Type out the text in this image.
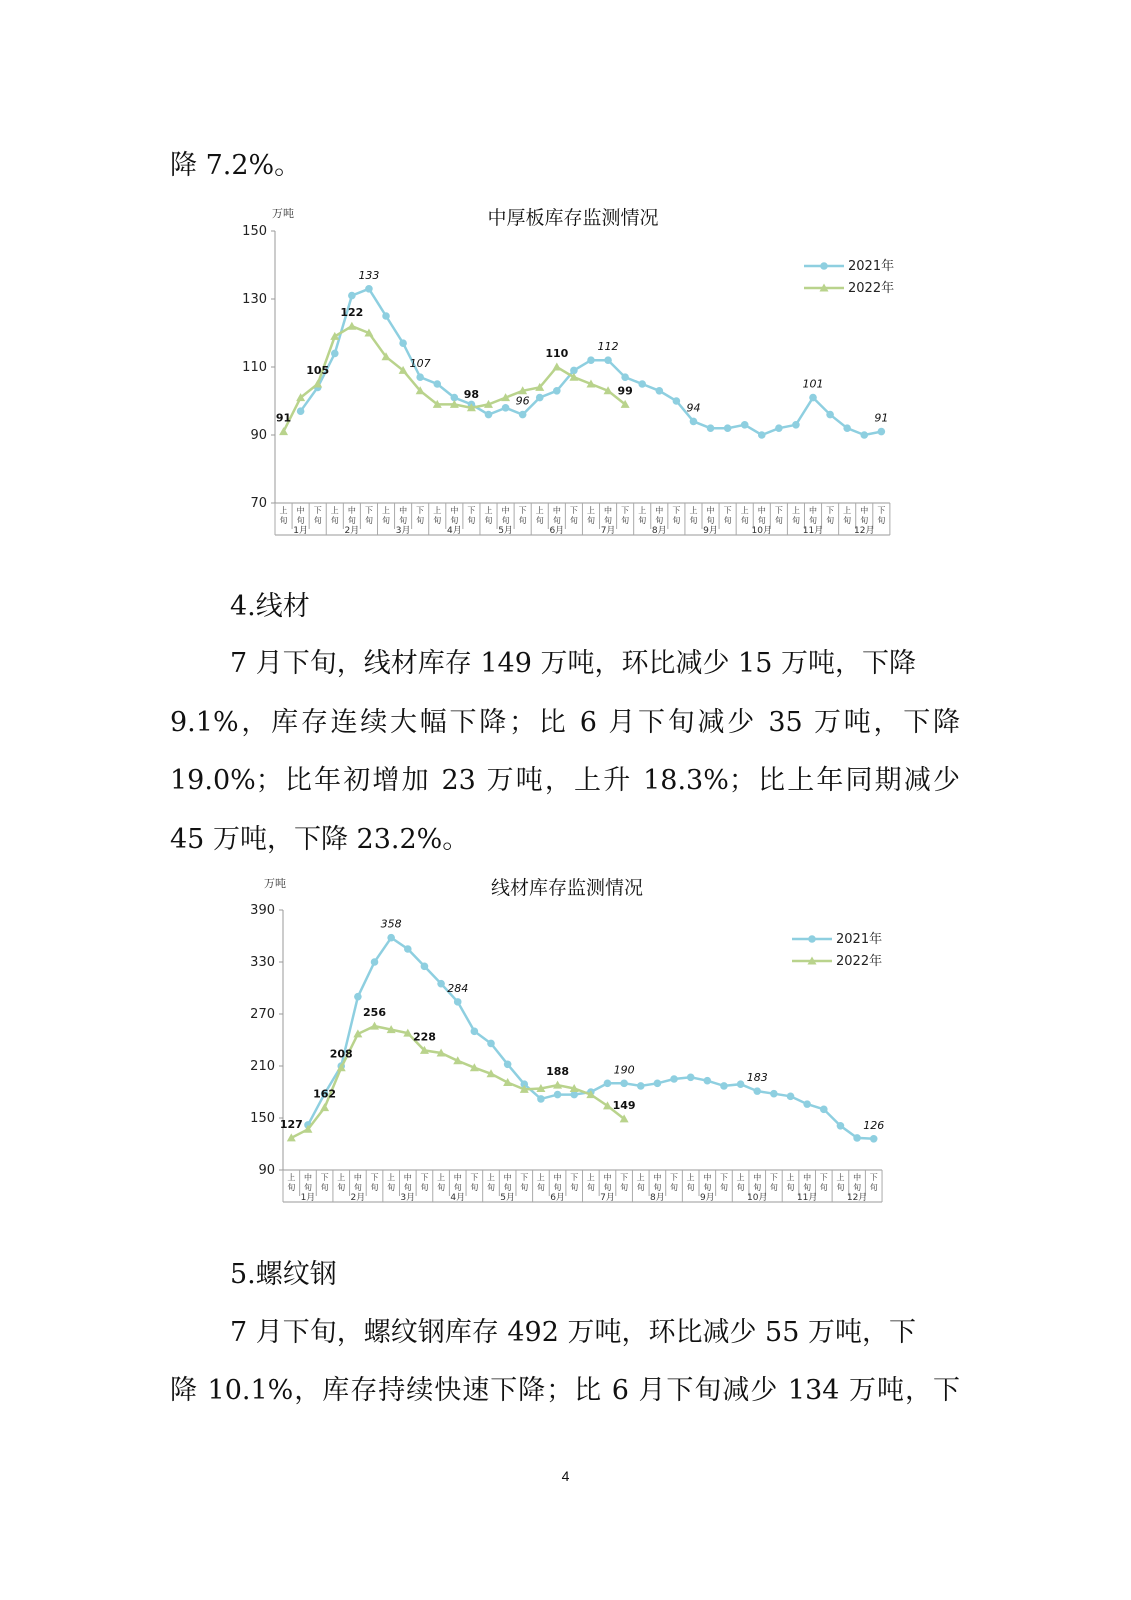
降 7.2%。

中厚板库存监测情况
万吨
70
90
110
130
150
上旬
中旬
下旬
上旬
中旬
下旬
上旬
中旬
下旬
上旬
中旬
下旬
上旬
中旬
下旬
上旬
中旬
下旬
上旬
中旬
下旬
上旬
中旬
下旬
上旬
中旬
下旬
上旬
中旬
下旬
上旬
中旬
下旬
上旬
中旬
下旬
1月	2月	3月	4月	5月	6月	7月	8月	9月	10月	11月	12月
91
105
122
98
110
99
133
107
96
112
94
101
91
2021年
2022年

4.线材

7 月下旬，线材库存 149 万吨，环比减少 15 万吨，下降

9.1%，库存连续大幅下降；比 6 月下旬减少 35 万吨，下降

19.0%；比年初增加 23 万吨，上升 18.3%；比上年同期减少

45 万吨，下降 23.2%。

线材库存监测情况
万吨
90
150
210
270
330
390
上旬
中旬
下旬
上旬
中旬
下旬
上旬
中旬
下旬
上旬
中旬
下旬
上旬
中旬
下旬
上旬
中旬
下旬
上旬
中旬
下旬
上旬
中旬
下旬
上旬
中旬
下旬
上旬
中旬
下旬
上旬
中旬
下旬
上旬
中旬
下旬
1月	2月	3月	4月	5月	6月	7月	8月	9月	10月	11月	12月
127
162
208
256
228
188
149
358
284
190
183
126
2021年
2022年

5.螺纹钢

7 月下旬，螺纹钢库存 492 万吨，环比减少 55 万吨，下

降 10.1%，库存持续快速下降；比 6 月下旬减少 134 万吨，下

4
